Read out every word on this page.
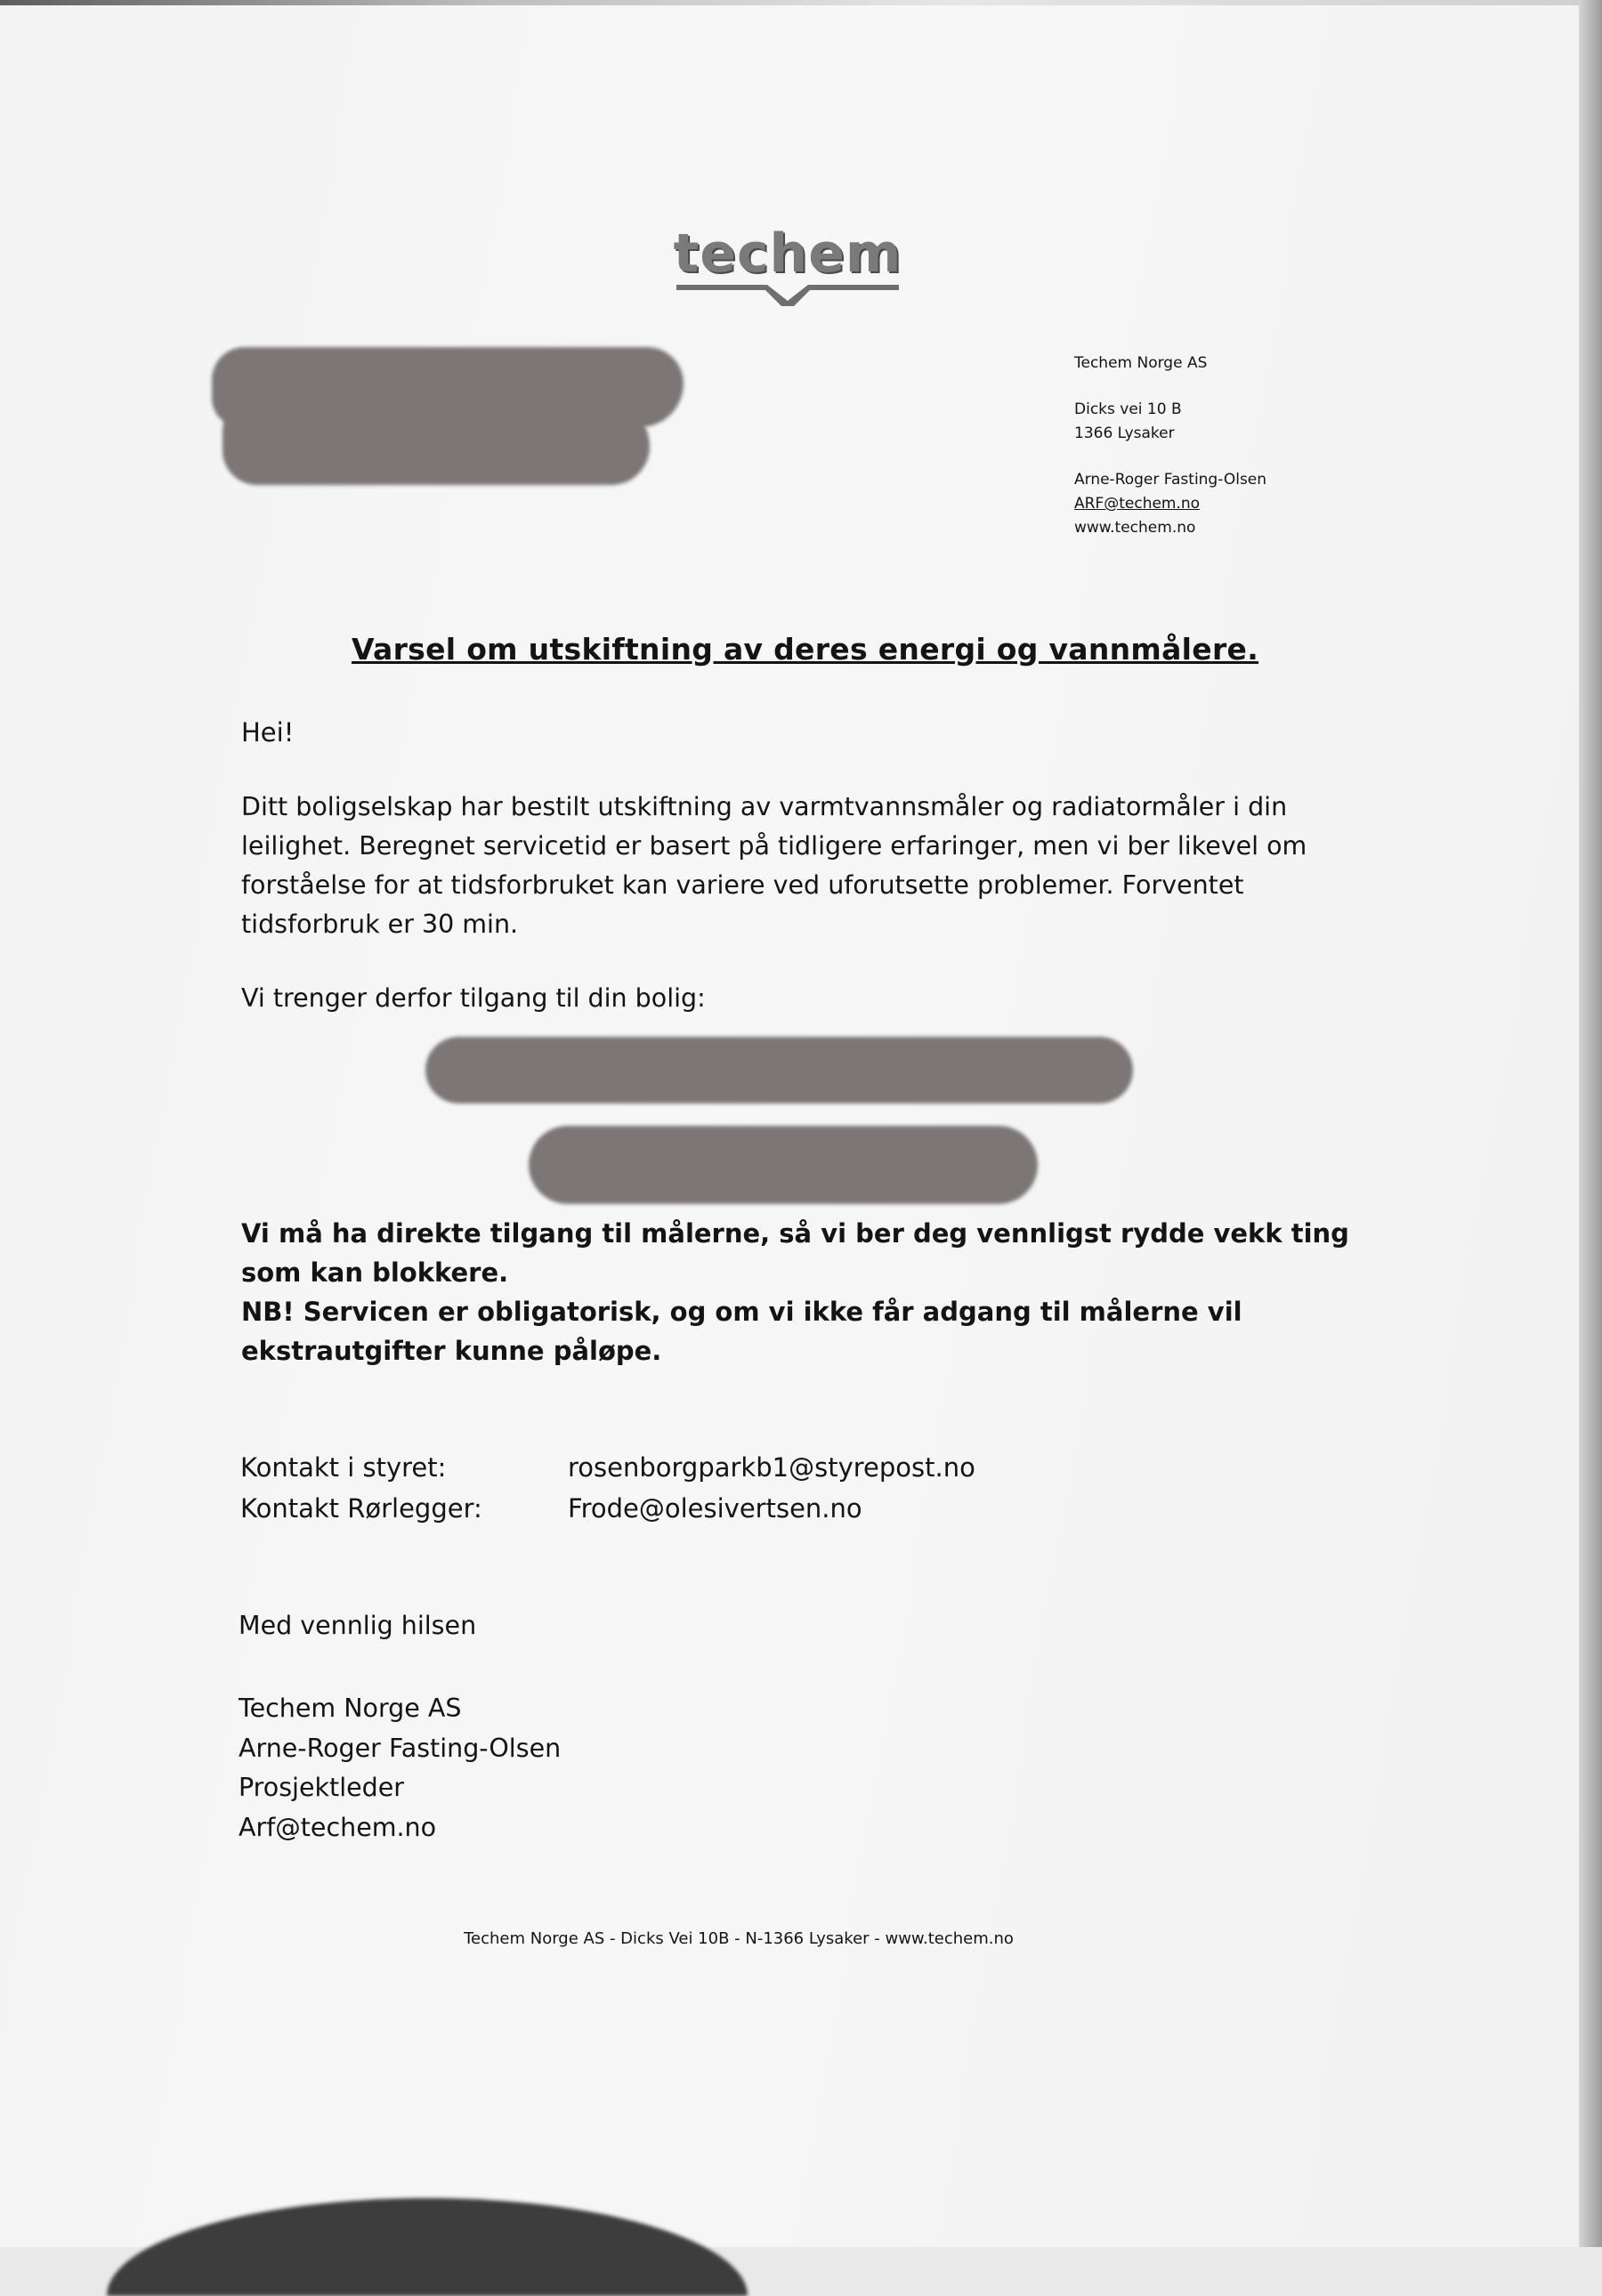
techem
Techem Norge AS
Dicks vei 10 B
1366 Lysaker
Arne-Roger Fasting-Olsen
ARF@techem.no
www.techem.no
Varsel om utskiftning av deres energi og vannmålere.
Hei!
Ditt boligselskap har bestilt utskiftning av varmtvannsmåler og radiatormåler i din
leilighet. Beregnet servicetid er basert på tidligere erfaringer, men vi ber likevel om
forståelse for at tidsforbruket kan variere ved uforutsette problemer. Forventet
tidsforbruk er 30 min.
Vi trenger derfor tilgang til din bolig:
Vi må ha direkte tilgang til målerne, så vi ber deg vennligst rydde vekk ting
som kan blokkere.
NB! Servicen er obligatorisk, og om vi ikke får adgang til målerne vil
ekstrautgifter kunne påløpe.
Kontakt i styret:	rosenborgparkb1@styrepost.no
Kontakt Rørlegger:	Frode@olesivertsen.no
Med vennlig hilsen
Techem Norge AS
Arne-Roger Fasting-Olsen
Prosjektleder
Arf@techem.no
Techem Norge AS - Dicks Vei 10B - N-1366 Lysaker - www.techem.no
